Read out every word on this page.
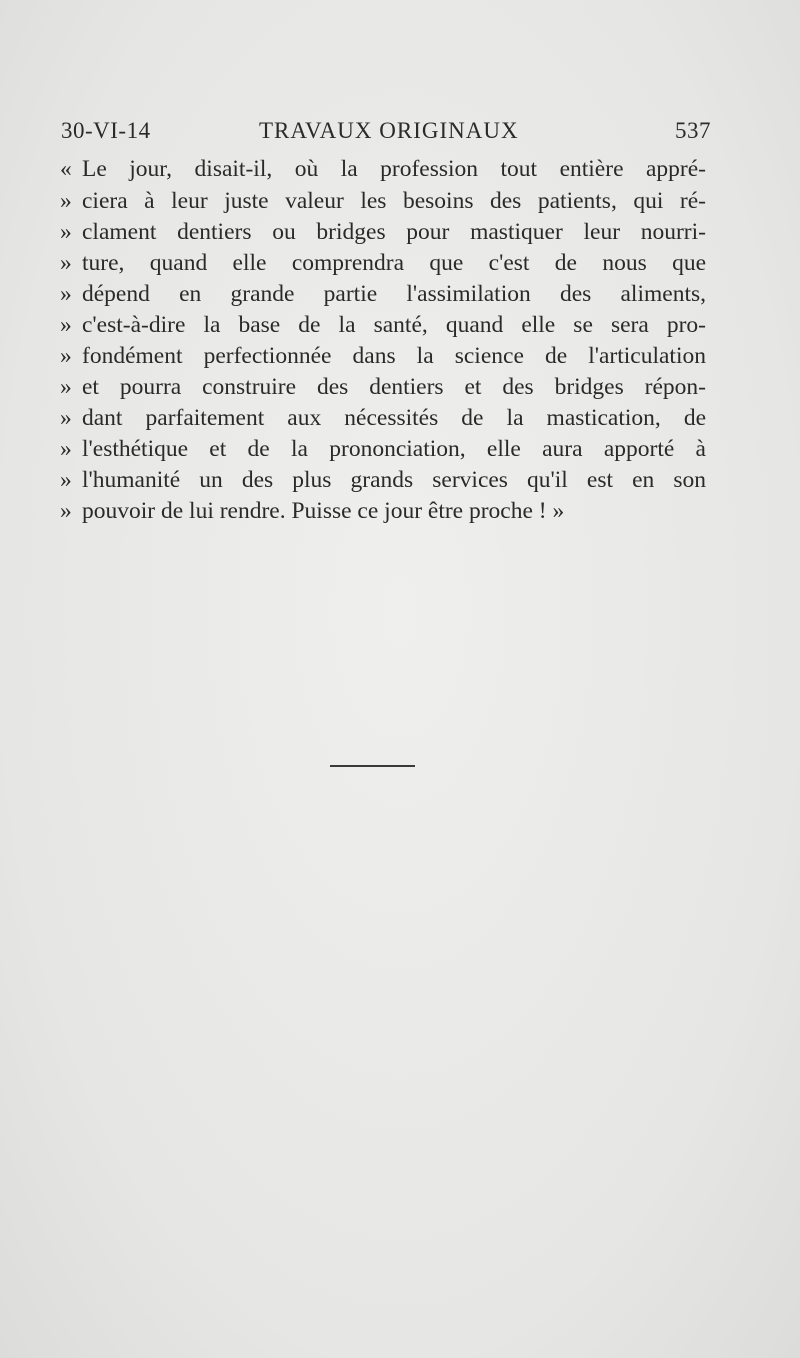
30-VI-14	TRAVAUX ORIGINAUX	537
« Le jour, disait-il, où la profession tout entière appré-
» ciera à leur juste valeur les besoins des patients, qui ré-
» clament dentiers ou bridges pour mastiquer leur nourri-
» ture, quand elle comprendra que c'est de nous que
» dépend en grande partie l'assimilation des aliments,
» c'est-à-dire la base de la santé, quand elle se sera pro-
» fondément perfectionnée dans la science de l'articulation
» et pourra construire des dentiers et des bridges répon-
» dant parfaitement aux nécessités de la mastication, de
» l'esthétique et de la prononciation, elle aura apporté à
» l'humanité un des plus grands services qu'il est en son
» pouvoir de lui rendre. Puisse ce jour être proche ! »
